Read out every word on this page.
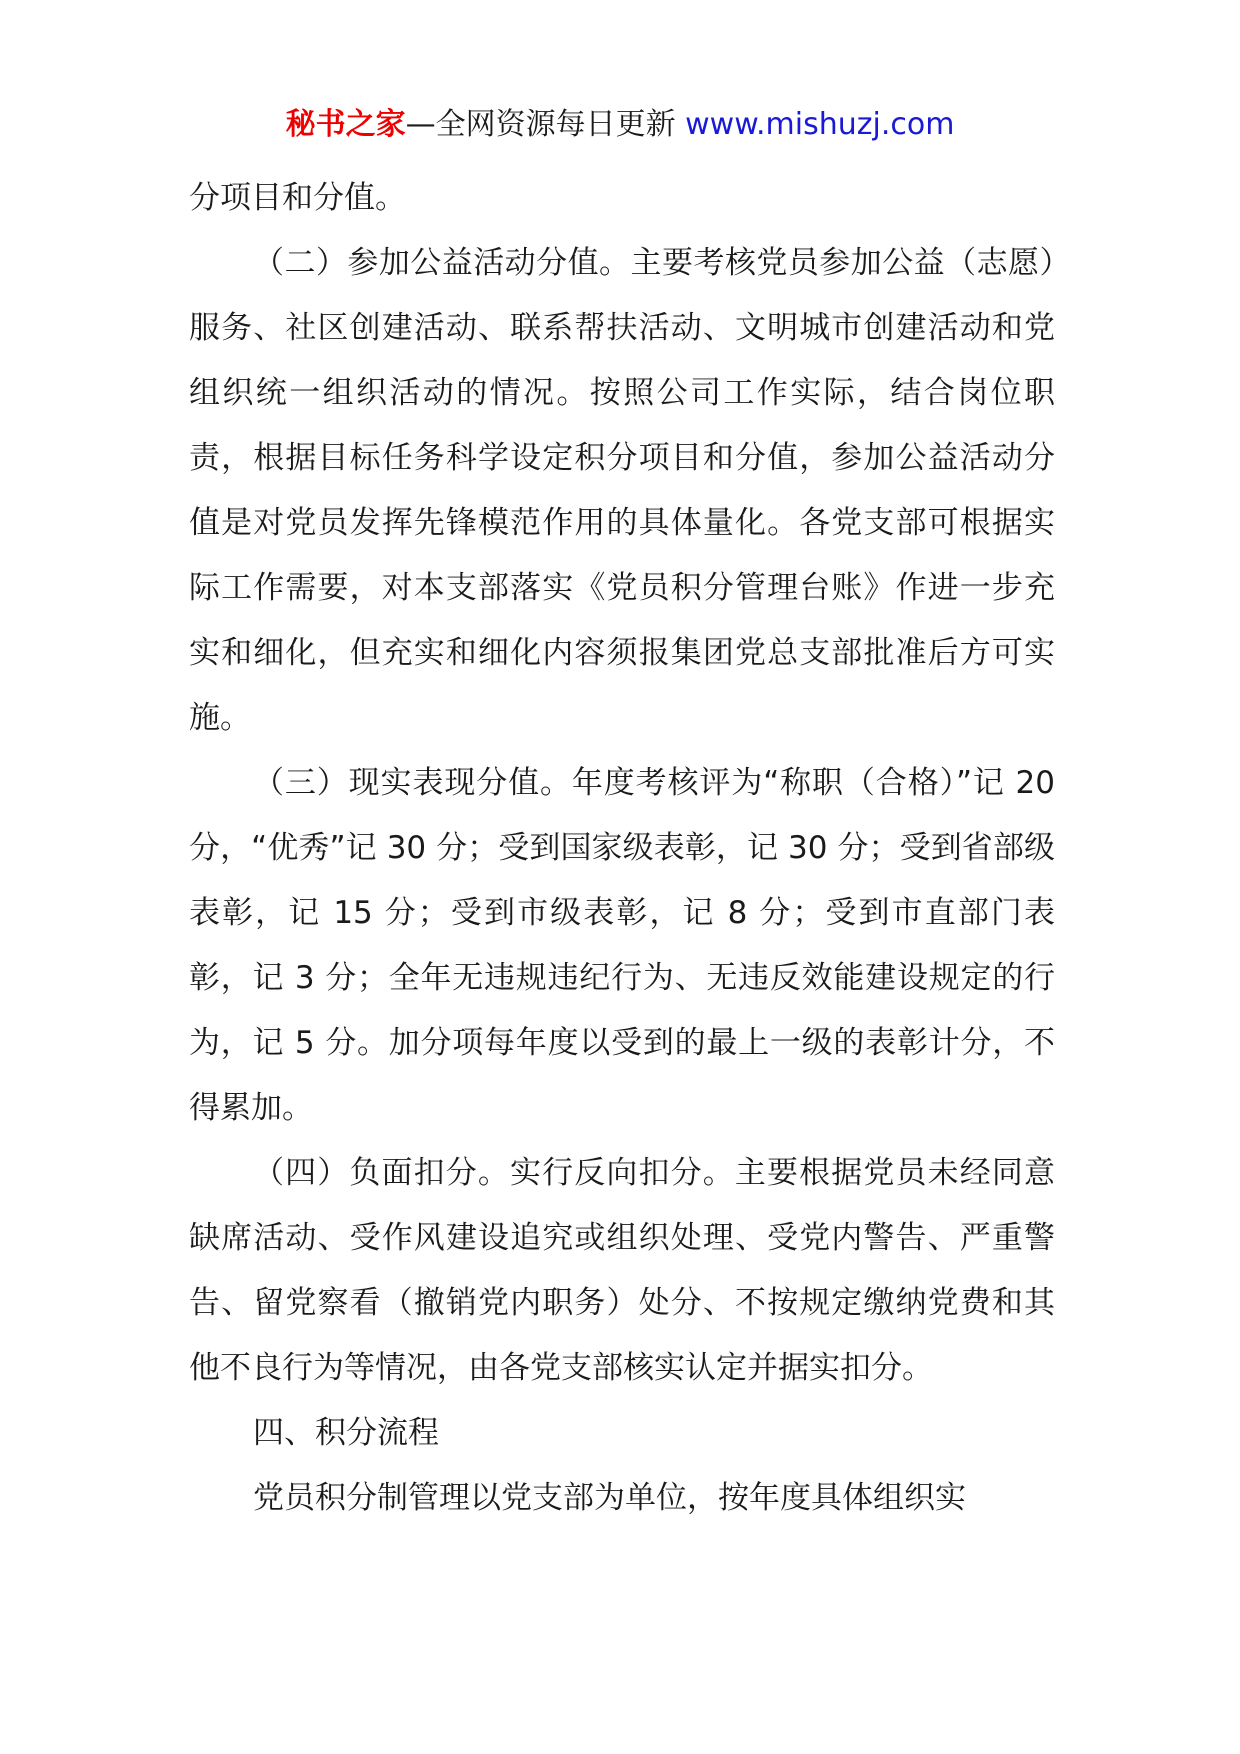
秘书之家—全网资源每日更新 www.mishuzj.com

分项目和分值。

（二）参加公益活动分值。主要考核党员参加公益（志愿）服务、社区创建活动、联系帮扶活动、文明城市创建活动和党组织统一组织活动的情况。按照公司工作实际，结合岗位职责，根据目标任务科学设定积分项目和分值，参加公益活动分值是对党员发挥先锋模范作用的具体量化。各党支部可根据实际工作需要，对本支部落实《党员积分管理台账》作进一步充实和细化，但充实和细化内容须报集团党总支部批准后方可实施。

（三）现实表现分值。年度考核评为“称职（合格）”记 20 分，“优秀”记 30 分；受到国家级表彰，记 30 分；受到省部级表彰，记 15 分；受到市级表彰，记 8 分；受到市直部门表彰，记 3 分；全年无违规违纪行为、无违反效能建设规定的行为，记 5 分。加分项每年度以受到的最上一级的表彰计分，不得累加。

（四）负面扣分。实行反向扣分。主要根据党员未经同意缺席活动、受作风建设追究或组织处理、受党内警告、严重警告、留党察看（撤销党内职务）处分、不按规定缴纳党费和其他不良行为等情况，由各党支部核实认定并据实扣分。

四、积分流程

党员积分制管理以党支部为单位，按年度具体组织实
